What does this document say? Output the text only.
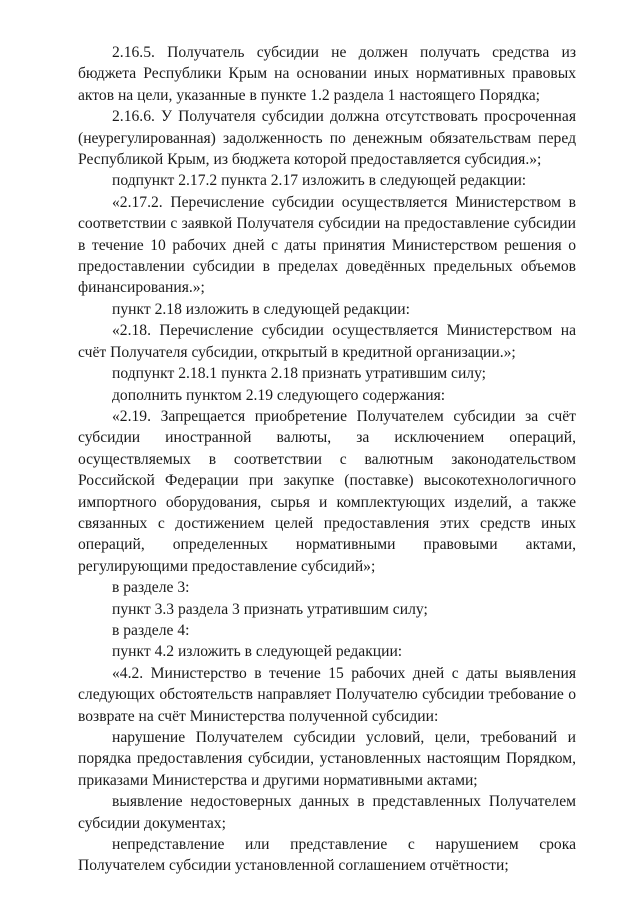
2.16.5. Получатель субсидии не должен получать средства из бюджета Республики Крым на основании иных нормативных правовых актов на цели, указанные в пункте 1.2 раздела 1 настоящего Порядка;

2.16.6. У Получателя субсидии должна отсутствовать просроченная (неурегулированная) задолженность по денежным обязательствам перед Республикой Крым, из бюджета которой предоставляется субсидия.»;

подпункт 2.17.2 пункта 2.17 изложить в следующей редакции:

«2.17.2. Перечисление субсидии осуществляется Министерством в соответствии с заявкой Получателя субсидии на предоставление субсидии в течение 10 рабочих дней с даты принятия Министерством решения о предоставлении субсидии в пределах доведённых предельных объемов финансирования.»;

пункт 2.18 изложить в следующей редакции:

«2.18. Перечисление субсидии осуществляется Министерством на счёт Получателя субсидии, открытый в кредитной организации.»;

подпункт 2.18.1 пункта 2.18 признать утратившим силу;

дополнить пунктом 2.19 следующего содержания:

«2.19. Запрещается приобретение Получателем субсидии за счёт субсидии иностранной валюты, за исключением операций, осуществляемых в соответствии с валютным законодательством Российской Федерации при закупке (поставке) высокотехнологичного импортного оборудования, сырья и комплектующих изделий, а также связанных с достижением целей предоставления этих средств иных операций, определенных нормативными правовыми актами, регулирующими предоставление субсидий»;

в разделе 3:

пункт 3.3 раздела 3 признать утратившим силу;

в разделе 4:

пункт 4.2 изложить в следующей редакции:

«4.2. Министерство в течение 15 рабочих дней с даты выявления следующих обстоятельств направляет Получателю субсидии требование о возврате на счёт Министерства полученной субсидии:

нарушение Получателем субсидии условий, цели, требований и порядка предоставления субсидии, установленных настоящим Порядком, приказами Министерства и другими нормативными актами;

выявление недостоверных данных в представленных Получателем субсидии документах;

непредставление или представление с нарушением срока Получателем субсидии установленной соглашением отчётности;
